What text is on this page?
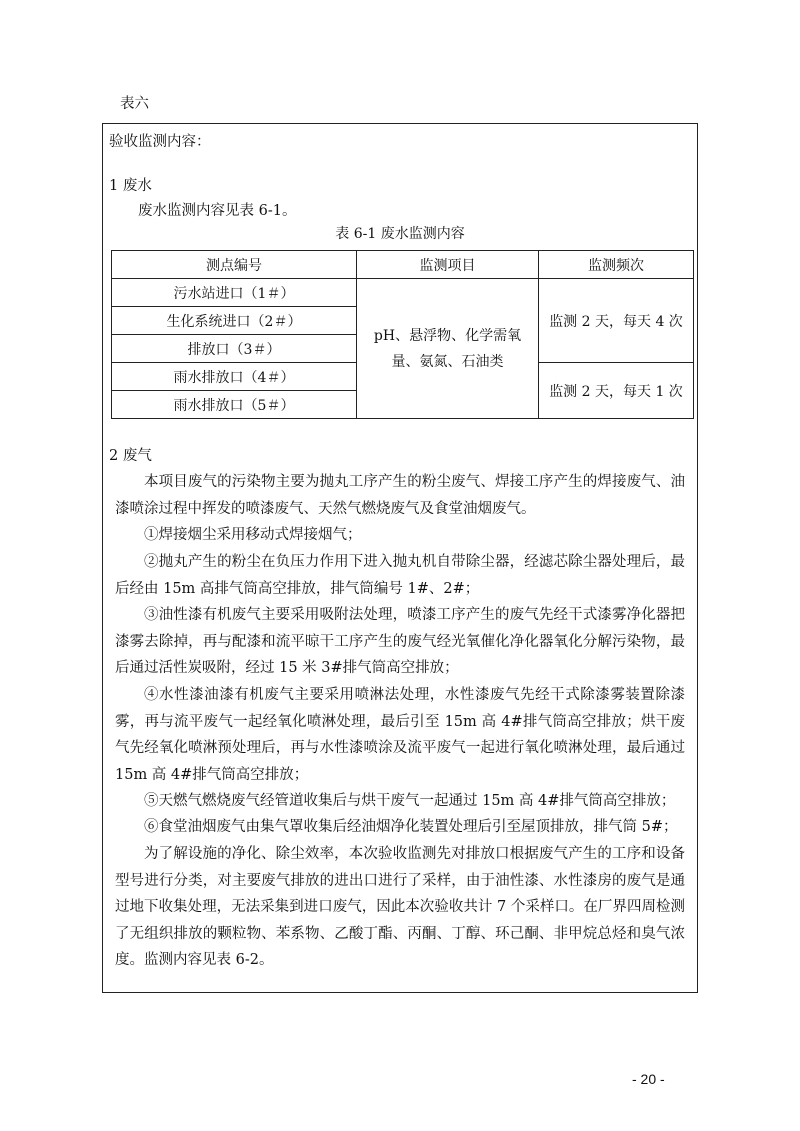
表六
验收监测内容：
1 废水
废水监测内容见表 6-1。
表 6-1 废水监测内容
测点编号	监测项目	监测频次
污水站进口（1＃）	pH、悬浮物、化学需氧量、氨氮、石油类	监测 2 天，每天 4 次
生化系统进口（2＃）		
排放口（3＃）		
雨水排放口（4＃）		监测 2 天，每天 1 次
雨水排放口（5＃）		
2 废气
本项目废气的污染物主要为抛丸工序产生的粉尘废气、焊接工序产生的焊接废气、油漆喷涂过程中挥发的喷漆废气、天然气燃烧废气及食堂油烟废气。
①焊接烟尘采用移动式焊接烟气；
②抛丸产生的粉尘在负压力作用下进入抛丸机自带除尘器，经滤芯除尘器处理后，最后经由 15m 高排气筒高空排放，排气筒编号 1#、2#；
③油性漆有机废气主要采用吸附法处理，喷漆工序产生的废气先经干式漆雾净化器把漆雾去除掉，再与配漆和流平晾干工序产生的废气经光氧催化净化器氧化分解污染物，最后通过活性炭吸附，经过 15 米 3#排气筒高空排放；
④水性漆油漆有机废气主要采用喷淋法处理，水性漆废气先经干式除漆雾装置除漆雾，再与流平废气一起经氧化喷淋处理，最后引至 15m 高 4#排气筒高空排放；烘干废气先经氧化喷淋预处理后，再与水性漆喷涂及流平废气一起进行氧化喷淋处理，最后通过 15m 高 4#排气筒高空排放；
⑤天燃气燃烧废气经管道收集后与烘干废气一起通过 15m 高 4#排气筒高空排放；
⑥食堂油烟废气由集气罩收集后经油烟净化装置处理后引至屋顶排放，排气筒 5#；
为了解设施的净化、除尘效率，本次验收监测先对排放口根据废气产生的工序和设备型号进行分类，对主要废气排放的进出口进行了采样，由于油性漆、水性漆房的废气是通过地下收集处理，无法采集到进口废气，因此本次验收共计 7 个采样口。在厂界四周检测了无组织排放的颗粒物、苯系物、乙酸丁酯、丙酮、丁醇、环己酮、非甲烷总烃和臭气浓度。监测内容见表 6-2。
- 20 -
